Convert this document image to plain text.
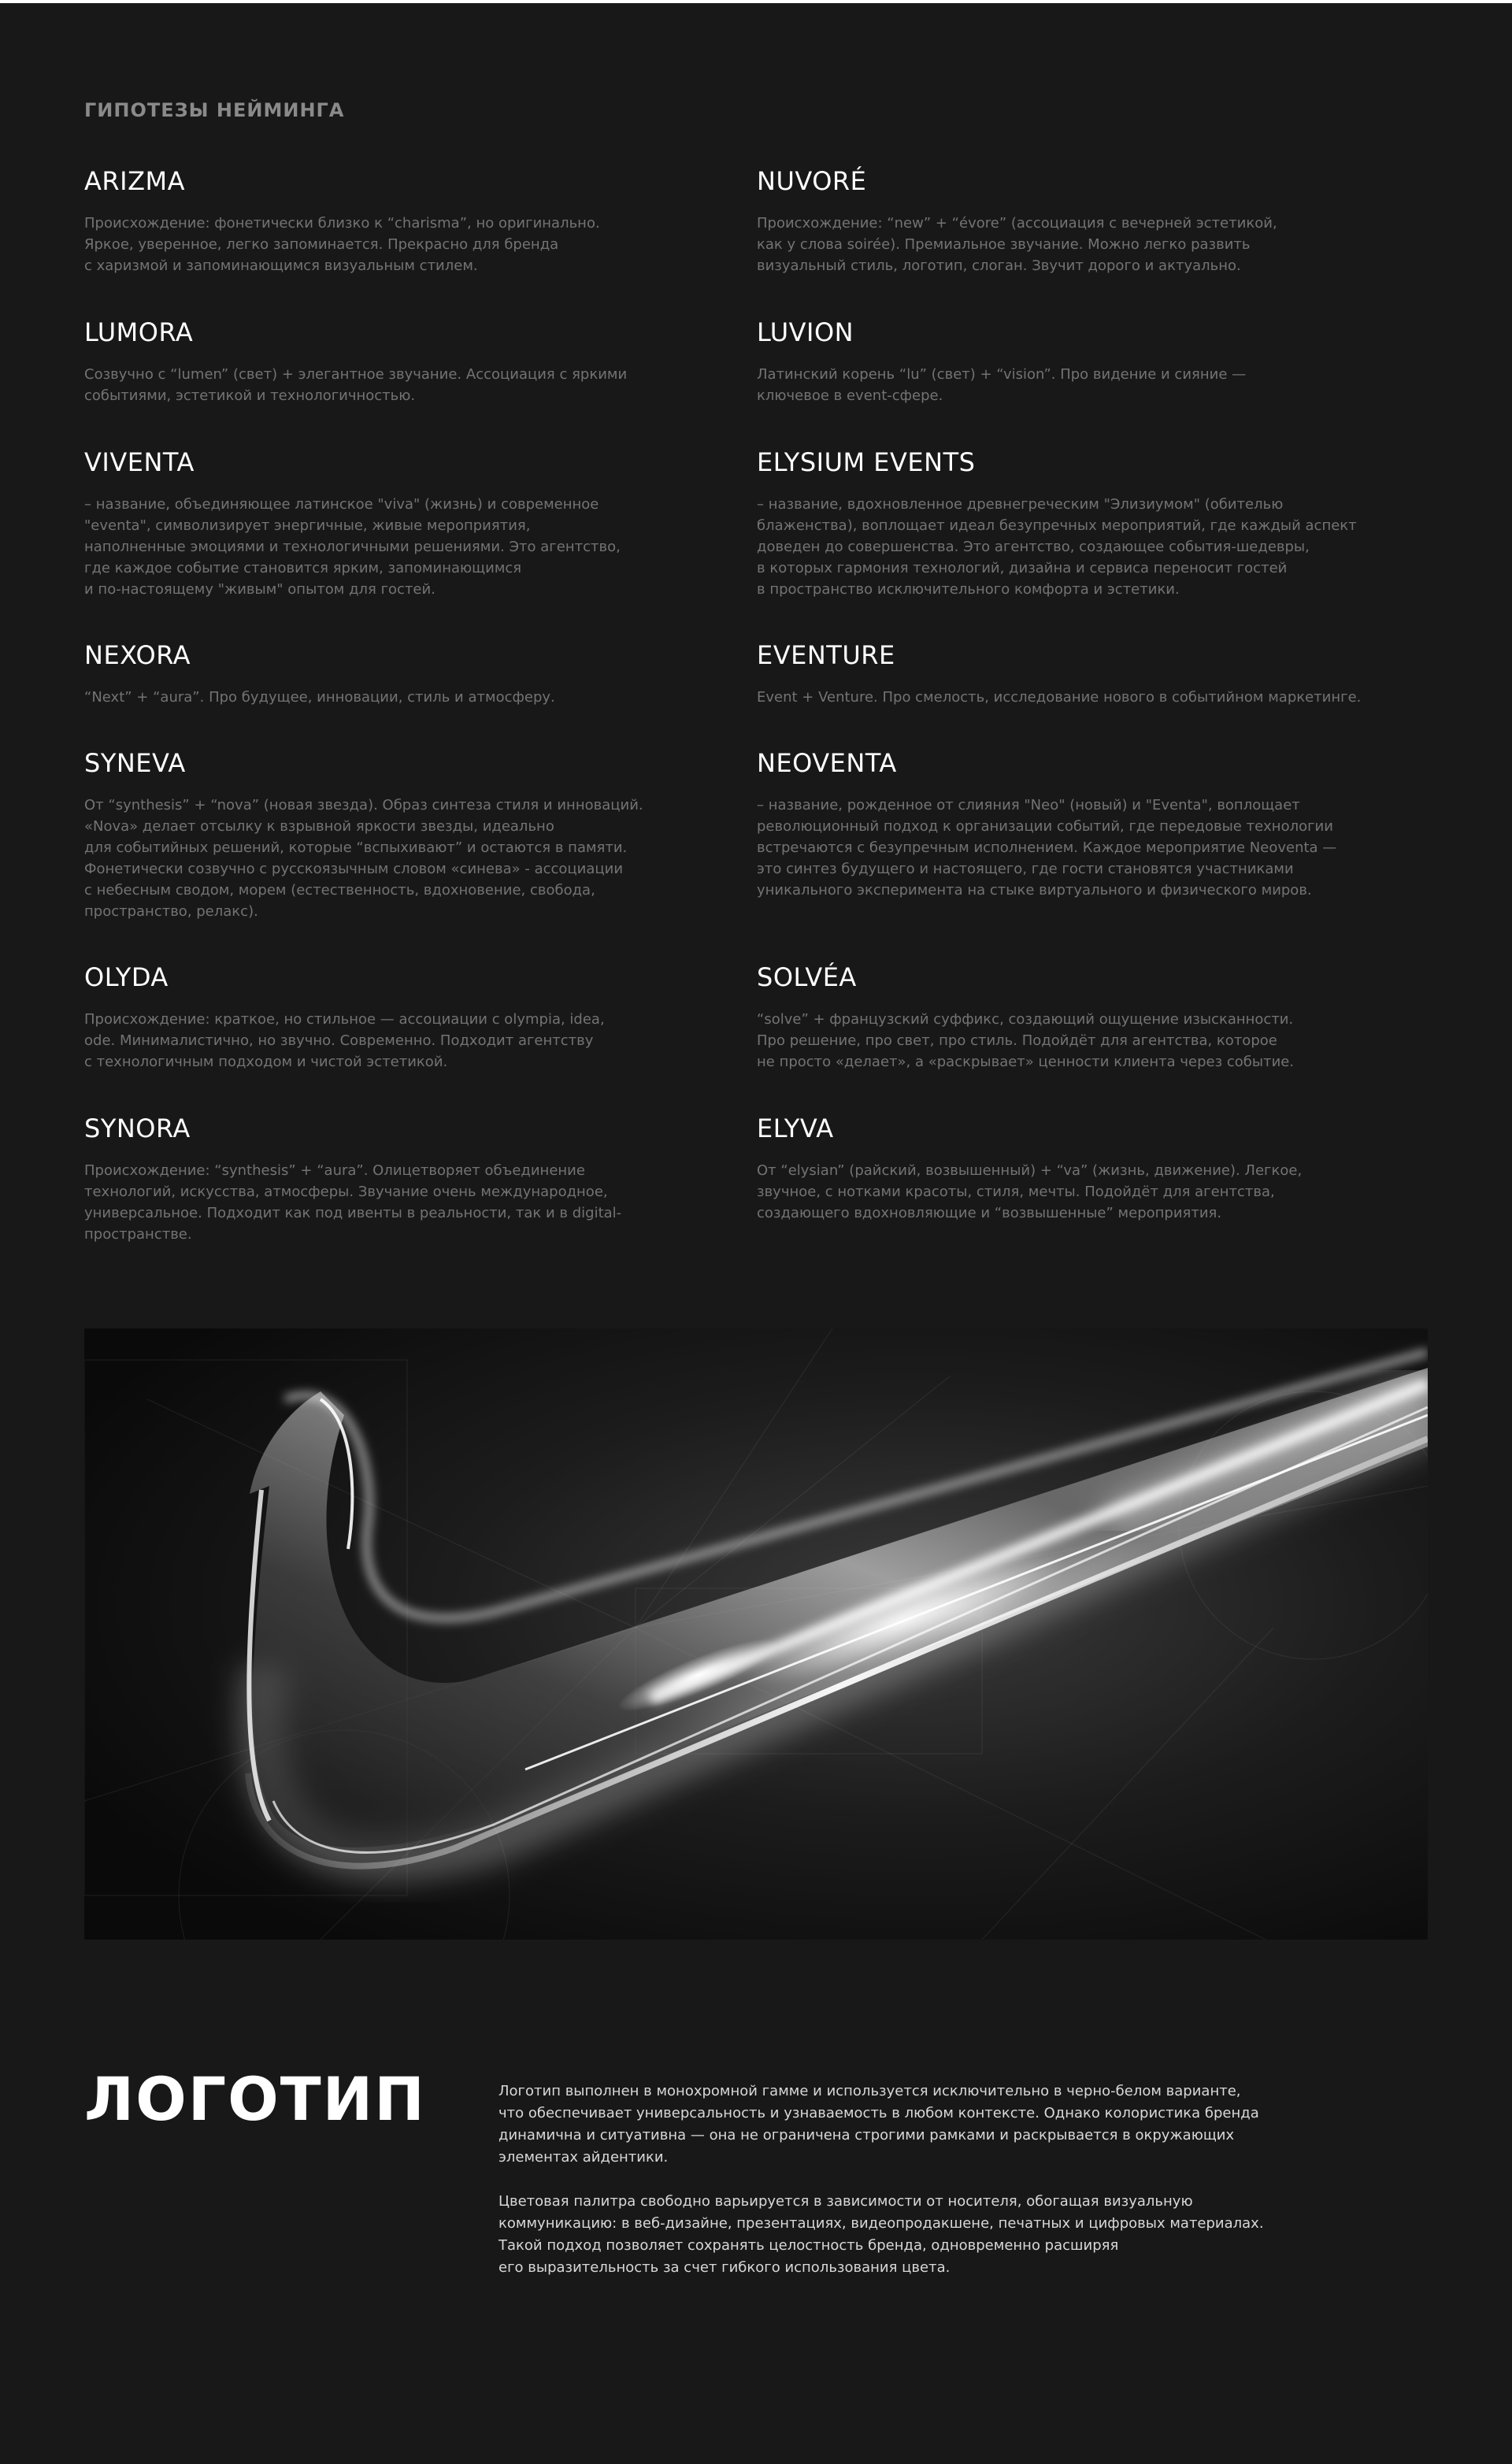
ГИПОТЕЗЫ НЕЙМИНГА
ARIZMA

Происхождение: фонетически близко к “charisma”, но оригинально.
Яркое, уверенное, легко запоминается. Прекрасно для бренда
с харизмой и запоминающимся визуальным стилем.

NUVORÉ

Происхождение: “new” + “évore” (ассоциация с вечерней эстетикой,
как у слова soirée). Премиальное звучание. Можно легко развить
визуальный стиль, логотип, слоган. Звучит дорого и актуально.

LUMORA

Созвучно с “lumen” (свет) + элегантное звучание. Ассоциация с яркими
событиями, эстетикой и технологичностью.

LUVION

Латинский корень “lu” (свет) + “vision”. Про видение и сияние —
ключевое в event-сфере.

VIVENTA

– название, объединяющее латинское "viva" (жизнь) и современное
"eventa", символизирует энергичные, живые мероприятия,
наполненные эмоциями и технологичными решениями. Это агентство,
где каждое событие становится ярким, запоминающимся
и по-настоящему "живым" опытом для гостей.

ELYSIUM EVENTS

– название, вдохновленное древнегреческим "Элизиумом" (обителью
блаженства), воплощает идеал безупречных мероприятий, где каждый аспект
доведен до совершенства. Это агентство, создающее события-шедевры,
в которых гармония технологий, дизайна и сервиса переносит гостей
в пространство исключительного комфорта и эстетики.

NEXORA

“Next” + “aura”. Про будущее, инновации, стиль и атмосферу.

EVENTURE

Event + Venture. Про смелость, исследование нового в событийном маркетинге.

SYNEVA

От “synthesis” + “nova” (новая звезда). Образ синтеза стиля и инноваций.
«Nova» делает отсылку к взрывной яркости звезды, идеально
для событийных решений, которые “вспыхивают” и остаются в памяти.
Фонетически созвучно с русскоязычным словом «синева» - ассоциации
с небесным сводом, морем (естественность, вдохновение, свобода,
пространство, релакс).

NEOVENTA

– название, рожденное от слияния "Neo" (новый) и "Eventa", воплощает
революционный подход к организации событий, где передовые технологии
встречаются с безупречным исполнением. Каждое мероприятие Neoventa —
это синтез будущего и настоящего, где гости становятся участниками
уникального эксперимента на стыке виртуального и физического миров.

OLYDA

Происхождение: краткое, но стильное — ассоциации с olympia, idea,
ode. Минималистично, но звучно. Современно. Подходит агентству
с технологичным подходом и чистой эстетикой.

SOLVÉA

“solve” + французский суффикс, создающий ощущение изысканности.
Про решение, про свет, про стиль. Подойдёт для агентства, которое
не просто «делает», а «раскрывает» ценности клиента через событие.

SYNORA

Происхождение: “synthesis” + “aura”. Олицетворяет объединение
технологий, искусства, атмосферы. Звучание очень международное,
универсальное. Подходит как под ивенты в реальности, так и в digital-
пространстве.

ELYVA

От “elysian” (райский, возвышенный) + “va” (жизнь, движение). Легкое,
звучное, с нотками красоты, стиля, мечты. Подойдёт для агентства,
создающего вдохновляющие и “возвышенные” мероприятия.

ЛОГОТИП	Логотип выполнен в монохромной гамме и используется исключительно в черно-белом варианте,
что обеспечивает универсальность и узнаваемость в любом контексте. Однако колористика бренда
динамична и ситуативна — она не ограничена строгими рамками и раскрывается в окружающих
элементах айдентики.

Цветовая палитра свободно варьируется в зависимости от носителя, обогащая визуальную
коммуникацию: в веб-дизайне, презентациях, видеопродакшене, печатных и цифровых материалах.
Такой подход позволяет сохранять целостность бренда, одновременно расширяя
его выразительность за счет гибкого использования цвета.
